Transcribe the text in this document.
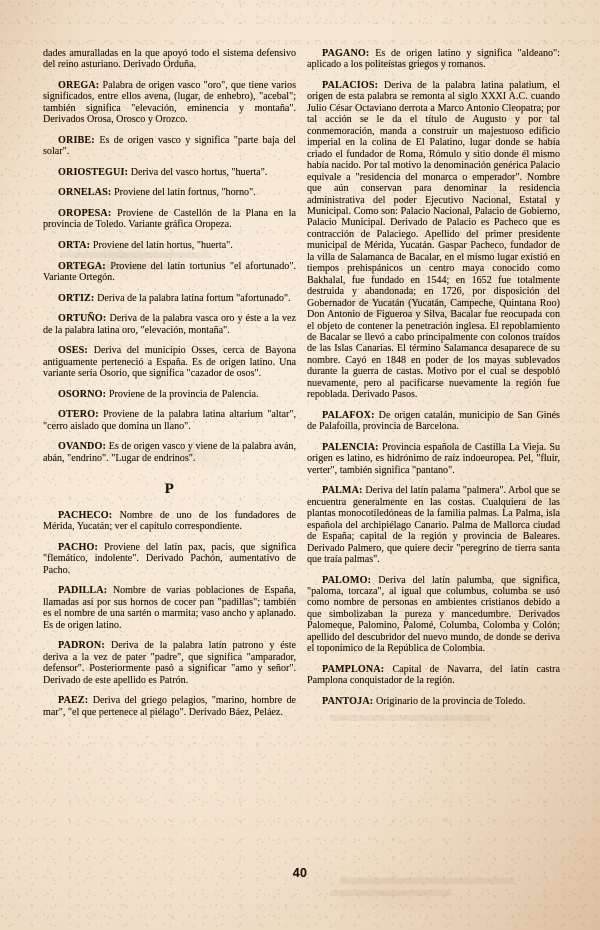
dades amuralladas en la que apoyó todo el sistema defensivo del reino asturiano. Derivado Orduña.

OREGA: Palabra de origen vasco "oro", que tiene varios significados, entre ellos avena, (lugar, de enhebro), "acebal"; también significa "elevación, eminencia y montaña". Derivados Orosa, Orosco y Orozco.

ORIBE: Es de origen vasco y significa "parte baja del solar".

ORIOSTEGUI: Deriva del vasco hortus, "huerta".

ORNELAS: Proviene del latín fortnus, "horno".

OROPESA: Proviene de Castellón de la Plana en la provincia de Toledo. Variante gráfica Oropeza.

ORTA: Proviene del latín hortus, "huerta".

ORTEGA: Proviene del latín tortunius "el afortunado". Variante Ortegón.

ORTIZ: Deriva de la palabra latina fortum "afortunado".

ORTUÑO: Deriva de la palabra vasca oro y éste a la vez de la palabra latina oro, "elevación, montaña".

OSES: Deriva del municipio Osses, cerca de Bayona antiguamente perteneció a España. Es de origen latino. Una variante sería Osorio, que significa "cazador de osos".

OSORNO: Proviene de la provincia de Palencia.

OTERO: Proviene de la palabra latina altarium "altar", "cerro aislado que domina un llano".

OVANDO: Es de origen vasco y viene de la palabra aván, abán, "endrino". "Lugar de endrinos".

P

PACHECO: Nombre de uno de los fundadores de Mérida, Yucatán; ver el capítulo correspondiente.

PACHO: Proviene del latín pax, pacis, que significa "flemático, indolente". Derivado Pachón, aumentativo de Pacho.

PADILLA: Nombre de varias poblaciones de España, llamadas así por sus hornos de cocer pan "padillas"; también es el nombre de una sartén o marmita; vaso ancho y aplanado. Es de origen latino.

PADRON: Deriva de la palabra latín patrono y éste deriva a la vez de pater "padre", que significa "amparador, defensor". Posteriormente pasó a significar "amo y señor". Derivado de este apellido es Patrón.

PAEZ: Deriva del griego pelagios, "marino, hombre de mar", "el que pertenece al piélago". Derivado Báez, Peláez.

PAGANO: Es de origen latino y significa "aldeano": aplicado a los politeístas griegos y romanos.

PALACIOS: Deriva de la palabra latina palatium, el origen de esta palabra se remonta al siglo XXXI A.C. cuando Julio César Octaviano derrota a Marco Antonio Cleopatra; por tal acción se le da el título de Augusto y por tal conmemoración, manda a construir un majestuoso edificio imperial en la colina de El Palatino, lugar donde se había criado el fundador de Roma, Rómulo y sitio donde él mismo había nacido. Por tal motivo la denominación genérica Palacio equivale a "residencia del monarca o emperador". Nombre que aún conservan para denominar la residencia administrativa del poder Ejecutivo Nacional, Estatal y Municipal. Como son: Palacio Nacional, Palacio de Gobierno, Palacio Municipal. Derivado de Palacio es Pacheco que es contracción de Palaciego. Apellido del primer presidente municipal de Mérida, Yucatán. Gaspar Pacheco, fundador de la villa de Salamanca de Bacalar, en el mismo lugar existió en tiempos prehispánicos un centro maya conocido como Bakhalal, fue fundado en 1544; en 1652 fue totalmente destruida y abandonada; en 1726, por disposición del Gobernador de Yucatán (Yucatán, Campeche, Quintana Roo) Don Antonio de Figueroa y Silva, Bacalar fue reocupada con el objeto de contener la penetración inglesa. El repoblamiento de Bacalar se llevó a cabo principalmente con colonos traídos de las Islas Canarias. El término Salamanca desaparece de su nombre. Cayó en 1848 en poder de los mayas sublevados durante la guerra de castas. Motivo por el cual se despobló nuevamente, pero al pacificarse nuevamente la región fue repoblada. Derivado Pasos.

PALAFOX: De origen catalán, municipio de San Ginés de Palafoilla, provincia de Barcelona.

PALENCIA: Provincia española de Castilla La Vieja. Su origen es latino, es hidrónimo de raíz indoeuropea. Pel, "fluir, verter", también significa "pantano".

PALMA: Deriva del latín palama "palmera". Arbol que se encuentra generalmente en las costas. Cualquiera de las plantas monocotiledóneas de la familia palmas. La Palma, isla española del archipiélago Canario. Palma de Mallorca ciudad de España; capital de la región y provincia de Baleares. Derivado Palmero, que quiere decir "peregrino de tierra santa que traía palmas".

PALOMO: Deriva del latín palumba, que significa, "paloma, torcaza", al igual que columbus, columba se usó como nombre de personas en ambientes cristianos debido a que simbolizaban la pureza y mancedumbre. Derivados Palomeque, Palomino, Palomé, Columba, Colomba y Colón; apellido del descubridor del nuevo mundo, de donde se deriva el toponímico de la República de Colombia.

PAMPLONA: Capital de Navarra, del latín castra Pamplona conquistador de la región.

PANTOJA: Originario de la provincia de Toledo.

40
